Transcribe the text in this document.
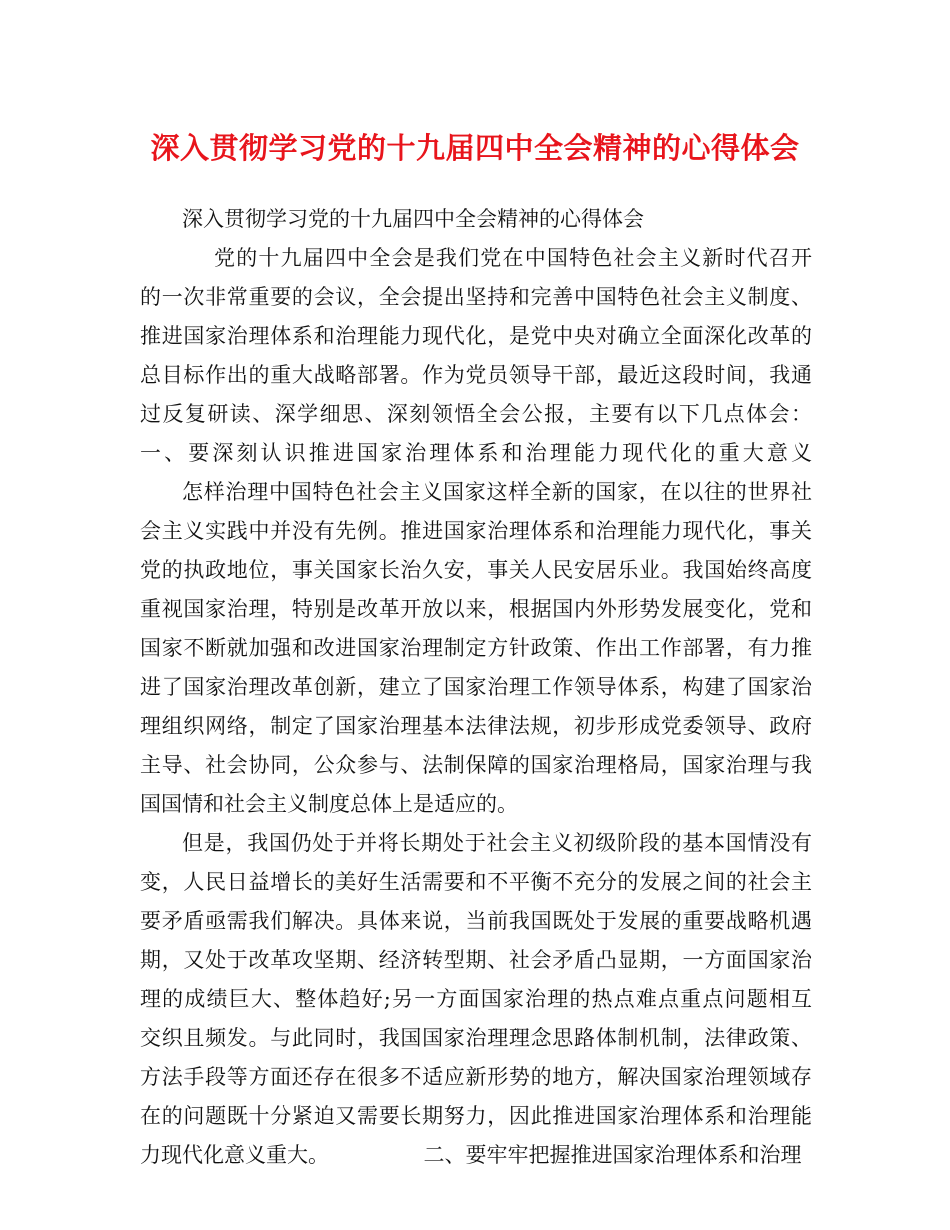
深入贯彻学习党的十九届四中全会精神的心得体会
深入贯彻学习党的十九届四中全会精神的心得体会
党的十九届四中全会是我们党在中国特色社会主义新时代召开
的一次非常重要的会议，全会提出坚持和完善中国特色社会主义制度、
推进国家治理体系和治理能力现代化，是党中央对确立全面深化改革的
总目标作出的重大战略部署。作为党员领导干部，最近这段时间，我通
过反复研读、深学细思、深刻领悟全会公报，主要有以下几点体会：
一、要深刻认识推进国家治理体系和治理能力现代化的重大意义
怎样治理中国特色社会主义国家这样全新的国家，在以往的世界社
会主义实践中并没有先例。推进国家治理体系和治理能力现代化，事关
党的执政地位，事关国家长治久安，事关人民安居乐业。我国始终高度
重视国家治理，特别是改革开放以来，根据国内外形势发展变化，党和
国家不断就加强和改进国家治理制定方针政策、作出工作部署，有力推
进了国家治理改革创新，建立了国家治理工作领导体系，构建了国家治
理组织网络，制定了国家治理基本法律法规，初步形成党委领导、政府
主导、社会协同，公众参与、法制保障的国家治理格局，国家治理与我
国国情和社会主义制度总体上是适应的。
但是，我国仍处于并将长期处于社会主义初级阶段的基本国情没有
变，人民日益增长的美好生活需要和不平衡不充分的发展之间的社会主
要矛盾亟需我们解决。具体来说，当前我国既处于发展的重要战略机遇
期，又处于改革攻坚期、经济转型期、社会矛盾凸显期，一方面国家治
理的成绩巨大、整体趋好;另一方面国家治理的热点难点重点问题相互
交织且频发。与此同时，我国国家治理理念思路体制机制，法律政策、
方法手段等方面还存在很多不适应新形势的地方，解决国家治理领域存
在的问题既十分紧迫又需要长期努力，因此推进国家治理体系和治理能
力现代化意义重大。　　　　　二、要牢牢把握推进国家治理体系和治理
